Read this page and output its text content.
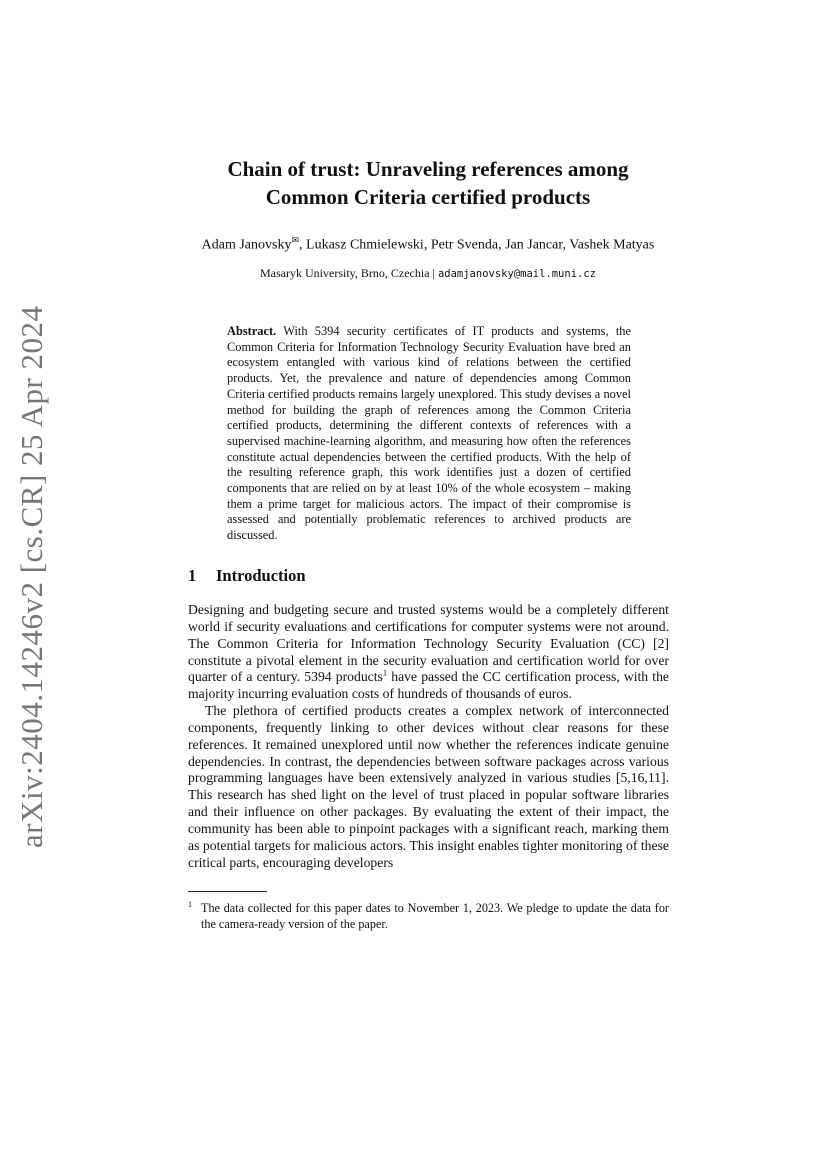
arXiv:2404.14246v2 [cs.CR] 25 Apr 2024
Chain of trust: Unraveling references among
Common Criteria certified products
Adam Janovsky✉, Lukasz Chmielewski, Petr Svenda, Jan Jancar, Vashek Matyas
Masaryk University, Brno, Czechia | adamjanovsky@mail.muni.cz
Abstract. With 5394 security certificates of IT products and systems, the Common Criteria for Information Technology Security Evaluation have bred an ecosystem entangled with various kind of relations between the certified products. Yet, the prevalence and nature of dependencies among Common Criteria certified products remains largely unexplored. This study devises a novel method for building the graph of references among the Common Criteria certified products, determining the different contexts of references with a supervised machine-learning algorithm, and measuring how often the references constitute actual dependencies between the certified products. With the help of the resulting reference graph, this work identifies just a dozen of certified components that are relied on by at least 10% of the whole ecosystem – making them a prime target for malicious actors. The impact of their compromise is assessed and potentially problematic references to archived products are discussed.
1 Introduction

Designing and budgeting secure and trusted systems would be a completely different world if security evaluations and certifications for computer systems were not around. The Common Criteria for Information Technology Security Evaluation (CC) [2] constitute a pivotal element in the security evaluation and certification world for over quarter of a century. 5394 products$^1$ have passed the CC certification process, with the majority incurring evaluation costs of hundreds of thousands of euros.

The plethora of certified products creates a complex network of interconnected components, frequently linking to other devices without clear reasons for these references. It remained unexplored until now whether the references indicate genuine dependencies. In contrast, the dependencies between software packages across various programming languages have been extensively analyzed in various studies [5,16,11]. This research has shed light on the level of trust placed in popular software libraries and their influence on other packages. By evaluating the extent of their impact, the community has been able to pinpoint packages with a significant reach, marking them as potential targets for malicious actors. This insight enables tighter monitoring of these critical parts, encouraging developers

$^1$ The data collected for this paper dates to November 1, 2023. We pledge to update the data for the camera-ready version of the paper.
